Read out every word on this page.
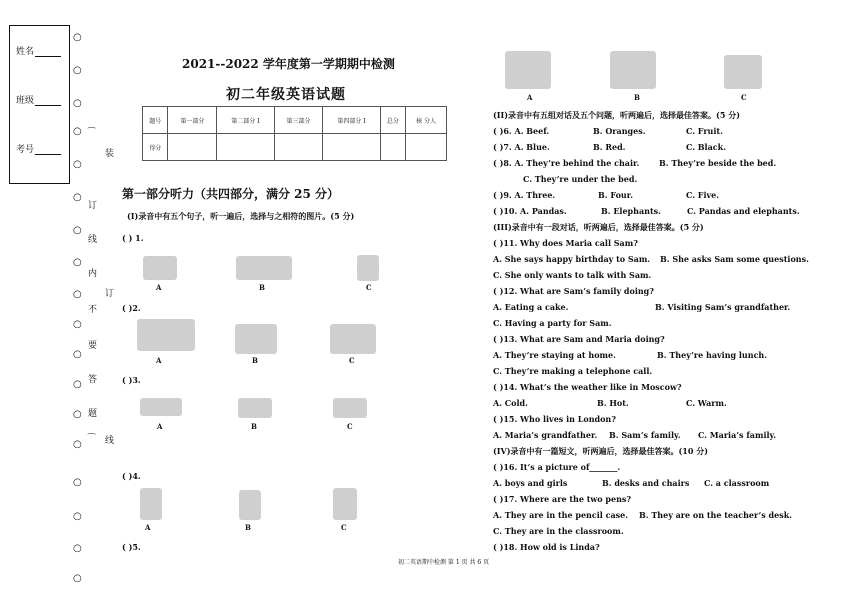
姓名
班级
考号
○
○
○
○
○
○
○
○
○
○
○
○
○
○
○
○
○
○
⁀
⁀
装
订
线
内
订
不
要
答
题
线
2021--2022 学年度第一学期期中检测
初二年级英语试题
题号	第一部分	第二部分 I	第三部分	第四部分 I	总分	核 分人
得分						
第一部分听力（共四部分，满分 25 分）
(I)录音中有五个句子，听一遍后，选择与之相符的图片。(5 分)
( ) 1.
A	B	C
( )2.
A	B	C
( )3.
A	B	C
( )4.
A	B	C
( )5.
A	B	C
(II)录音中有五组对话及五个问题，听两遍后，选择最佳答案。(5 分)
( )6. A. Beef.	B. Oranges.	C. Fruit.
( )7. A. Blue.	B. Red.	C. Black.
( )8. A. They’re behind the chair. B. They’re beside the bed.
C. They’re under the bed.
( )9. A. Three.	B. Four.	C. Five.
( )10. A. Pandas.	B. Elephants.	C. Pandas and elephants.
(III)录音中有一段对话，听两遍后，选择最佳答案。(5 分)
( )11. Why does Maria call Sam?
A. She says happy birthday to Sam. B. She asks Sam some questions.
C. She only wants to talk with Sam.
( )12. What are Sam’s family doing?
A. Eating a cake.	B. Visiting Sam’s grandfather.
C. Having a party for Sam.
( )13. What are Sam and Maria doing?
A. They’re staying at home.	B. They’re having lunch.
C. They’re making a telephone call.
( )14. What’s the weather like in Moscow?
A. Cold.	B. Hot.	C. Warm.
( )15. Who lives in London?
A. Maria’s grandfather. B. Sam’s family. C. Maria’s family.
(IV)录音中有一篇短文，听两遍后，选择最佳答案。(10 分)
( )16. It’s a picture of_______.
A. boys and girls	B. desks and chairs C. a classroom
( )17. Where are the two pens?
A. They are in the pencil case. B. They are on the teacher’s desk.
C. They are in the classroom.
( )18. How old is Linda?
初二英语期中检测 第 1 页 共 6 页
